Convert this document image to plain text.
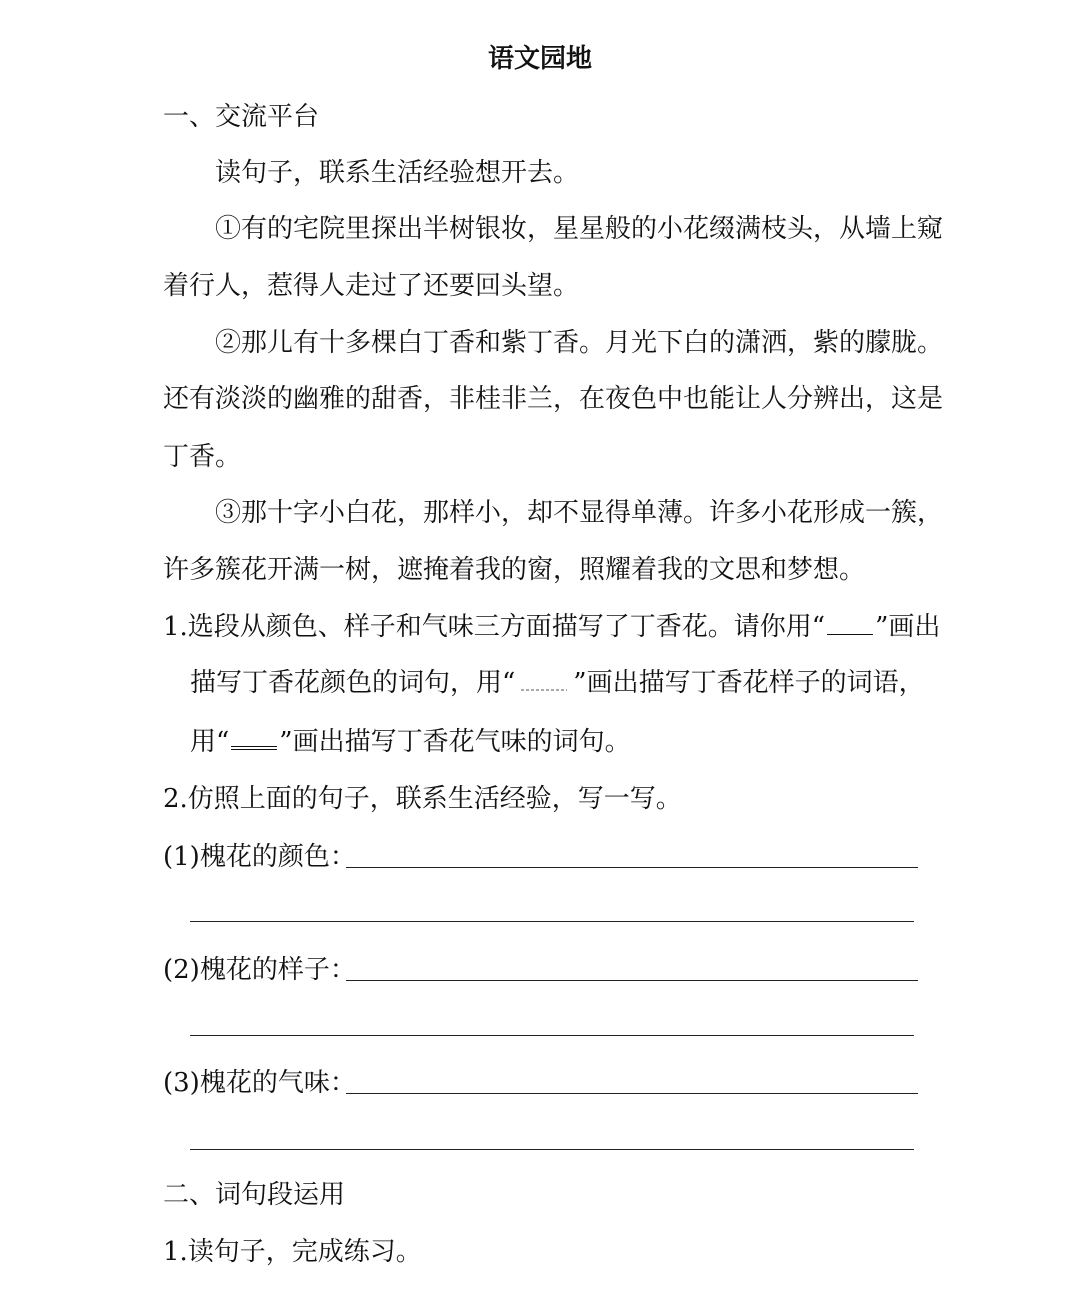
语文园地
一、交流平台
读句子，联系生活经验想开去。
①有的宅院里探出半树银妆，星星般的小花缀满枝头，从墙上窥
着行人，惹得人走过了还要回头望。
②那儿有十多棵白丁香和紫丁香。月光下白的潇洒，紫的朦胧。
还有淡淡的幽雅的甜香，非桂非兰，在夜色中也能让人分辨出，这是
丁香。
③那十字小白花，那样小，却不显得单薄。许多小花形成一簇，
许多簇花开满一树，遮掩着我的窗，照耀着我的文思和梦想。
1.选段从颜色、样子和气味三方面描写了丁香花。请你用“ ”画出
描写丁香花颜色的词句，用“ ”画出描写丁香花样子的词语，
用“ ”画出描写丁香花气味的词句。
2.仿照上面的句子，联系生活经验，写一写。
(1)槐花的颜色：
(2)槐花的样子：
(3)槐花的气味：
二、词句段运用
1.读句子，完成练习。
